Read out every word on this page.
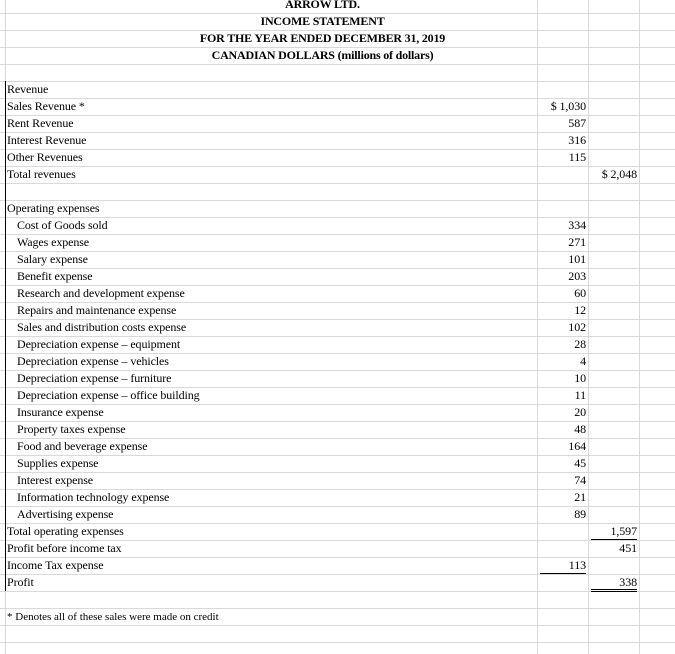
ARROW LTD.
INCOME STATEMENT
FOR THE YEAR ENDED DECEMBER 31, 2019
CANADIAN DOLLARS (millions of dollars)
Revenue
Sales Revenue *	$ 1,030
Rent Revenue	587
Interest Revenue	316
Other Revenues	115
Total revenues	$ 2,048
Operating expenses
Cost of Goods sold	334
Wages expense	271
Salary expense	101
Benefit expense	203
Research and development expense	60
Repairs and maintenance expense	12
Sales and distribution costs expense	102
Depreciation expense – equipment	28
Depreciation expense – vehicles	4
Depreciation expense – furniture	10
Depreciation expense – office building	11
Insurance expense	20
Property taxes expense	48
Food and beverage expense	164
Supplies expense	45
Interest expense	74
Information technology expense	21
Advertising expense	89
Total operating expenses	1,597
Profit before income tax	451
Income Tax expense	113
Profit	338
* Denotes all of these sales were made on credit
